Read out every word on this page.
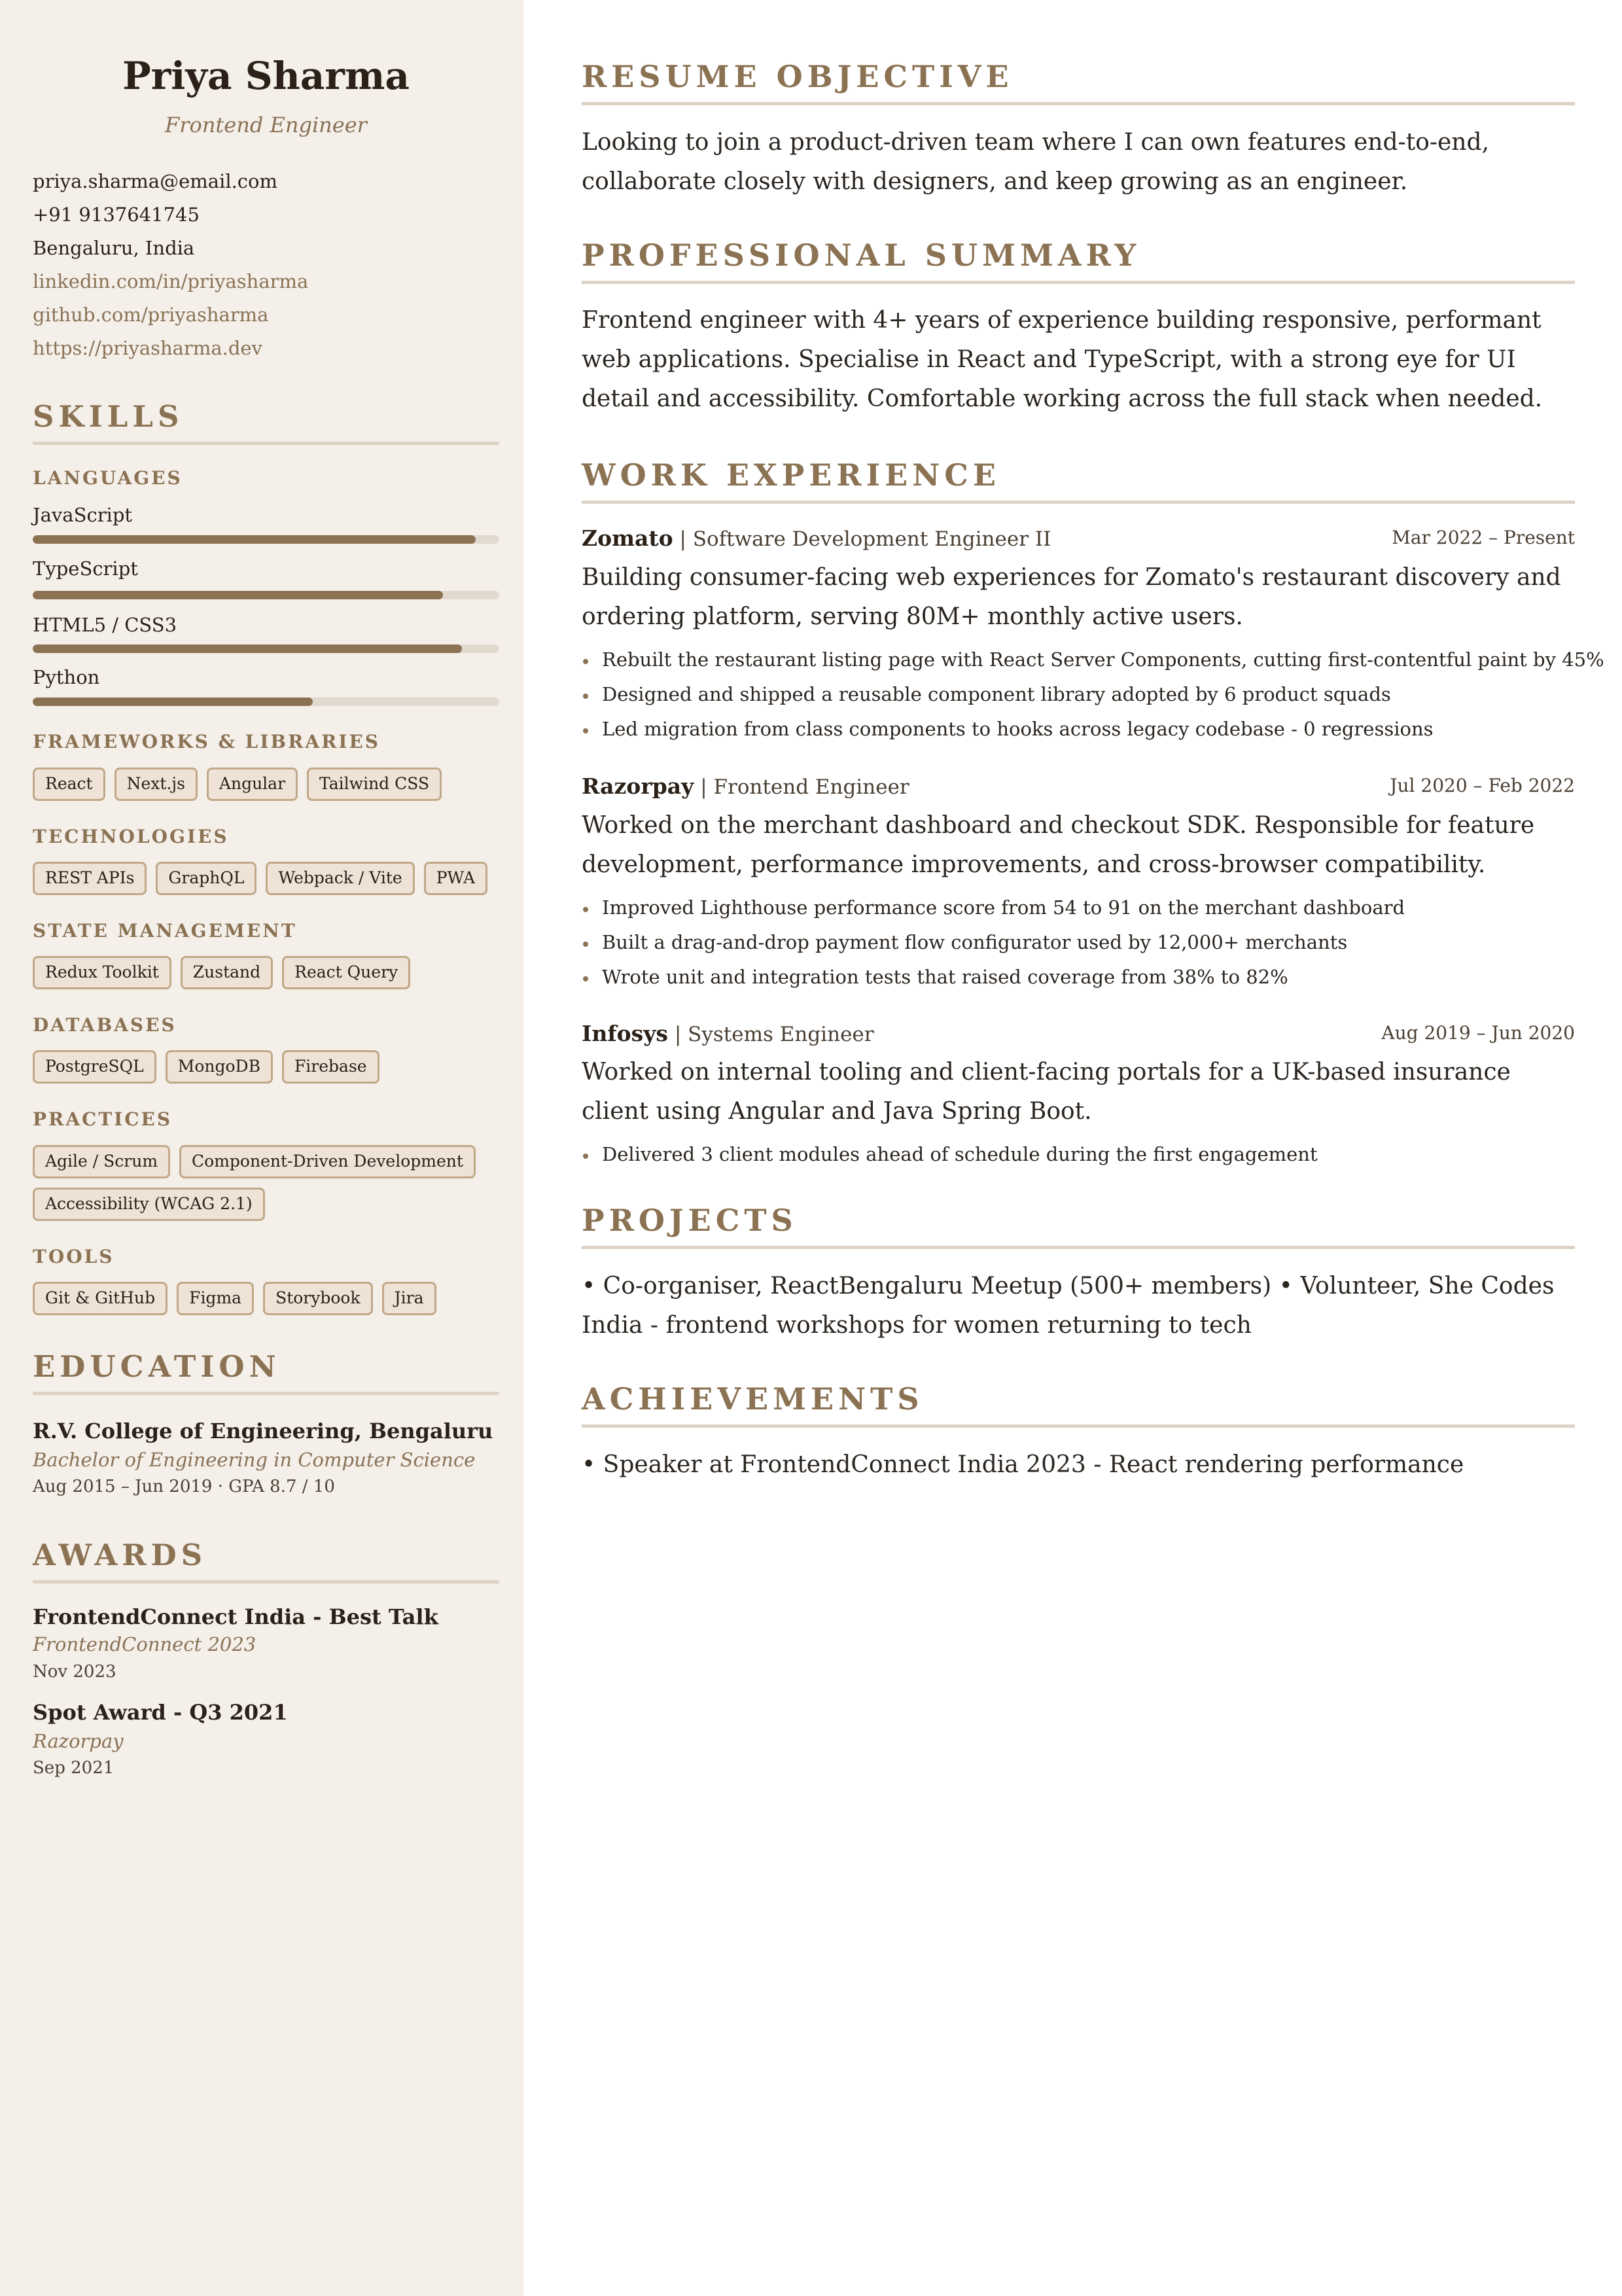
Priya Sharma
Frontend Engineer
priya.sharma@email.com
+91 9137641745
Bengaluru, India
linkedin.com/in/priyasharma
github.com/priyasharma
https://priyasharma.dev
SKILLS
LANGUAGES
JavaScript
TypeScript
HTML5 / CSS3
Python
FRAMEWORKS & LIBRARIES
React	Next.js	Angular	Tailwind CSS
TECHNOLOGIES
REST APIs	GraphQL	Webpack / Vite	PWA
STATE MANAGEMENT
Redux Toolkit	Zustand	React Query
DATABASES
PostgreSQL	MongoDB	Firebase
PRACTICES
Agile / Scrum	Component-Driven Development
Accessibility (WCAG 2.1)
TOOLS
Git & GitHub	Figma	Storybook	Jira
EDUCATION
R.V. College of Engineering, Bengaluru
Bachelor of Engineering in Computer Science
Aug 2015 – Jun 2019 · GPA 8.7 / 10
AWARDS
FrontendConnect India - Best Talk
FrontendConnect 2023
Nov 2023
Spot Award - Q3 2021
Razorpay
Sep 2021
RESUME OBJECTIVE
Looking to join a product-driven team where I can own features end-to-end, collaborate closely with designers, and keep growing as an engineer.
PROFESSIONAL SUMMARY
Frontend engineer with 4+ years of experience building responsive, performant web applications. Specialise in React and TypeScript, with a strong eye for UI detail and accessibility. Comfortable working across the full stack when needed.
WORK EXPERIENCE
Zomato | Software Development Engineer II	Mar 2022 – Present
Building consumer-facing web experiences for Zomato's restaurant discovery and ordering platform, serving 80M+ monthly active users.
Rebuilt the restaurant listing page with React Server Components, cutting first-contentful paint by 45%
Designed and shipped a reusable component library adopted by 6 product squads
Led migration from class components to hooks across legacy codebase - 0 regressions
Razorpay | Frontend Engineer	Jul 2020 – Feb 2022
Worked on the merchant dashboard and checkout SDK. Responsible for feature development, performance improvements, and cross-browser compatibility.
Improved Lighthouse performance score from 54 to 91 on the merchant dashboard
Built a drag-and-drop payment flow configurator used by 12,000+ merchants
Wrote unit and integration tests that raised coverage from 38% to 82%
Infosys | Systems Engineer	Aug 2019 – Jun 2020
Worked on internal tooling and client-facing portals for a UK-based insurance client using Angular and Java Spring Boot.
Delivered 3 client modules ahead of schedule during the first engagement
PROJECTS
• Co-organiser, ReactBengaluru Meetup (500+ members) • Volunteer, She Codes India - frontend workshops for women returning to tech
ACHIEVEMENTS
• Speaker at FrontendConnect India 2023 - React rendering performance
